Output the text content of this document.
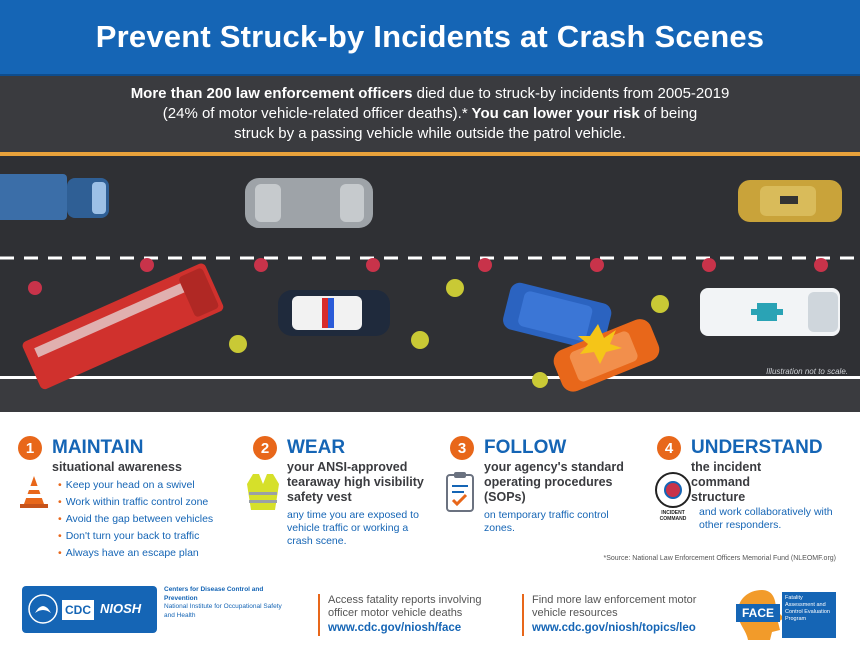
Prevent Struck-by Incidents at Crash Scenes
More than 200 law enforcement officers died due to struck-by incidents from 2005-2019
(24% of motor vehicle-related officer deaths).* You can lower your risk of being
struck by a passing vehicle while outside the patrol vehicle.
Illustration not to scale.
1 MAINTAIN
situational awareness
• Keep your head on a swivel
• Work within traffic control zone
• Avoid the gap between vehicles
• Don't turn your back to traffic
• Always have an escape plan
2 WEAR
your ANSI-approved tearaway high visibility safety vest
any time you are exposed to vehicle traffic or working a crash scene.
3 FOLLOW
your agency's standard operating procedures (SOPs)
on temporary traffic control zones.
4 UNDERSTAND
the incident command structure
INCIDENT COMMAND
and work collaboratively with other responders.
*Source: National Law Enforcement Officers Memorial Fund (NLEOMF.org)
CDC NIOSH
Centers for Disease Control and Prevention
National Institute for Occupational Safety and Health
Access fatality reports involving officer motor vehicle deaths
www.cdc.gov/niosh/face
Find more law enforcement motor vehicle resources
www.cdc.gov/niosh/topics/leo
FACE
Fatality Assessment and Control Evaluation Program
